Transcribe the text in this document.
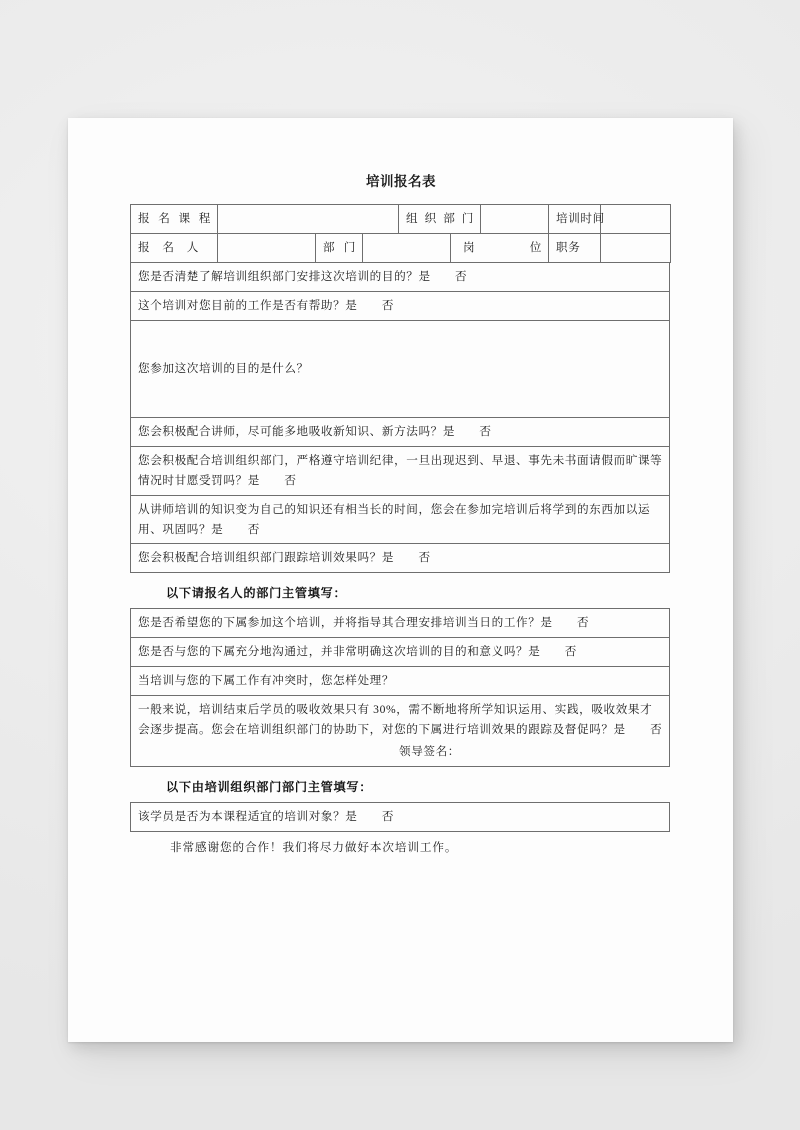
培训报名表
报名课程				组织部门			培训时间	
报名人		部门			岗位		职务	
您是否清楚了解培训组织部门安排这次培训的目的？是　　否
这个培训对您目前的工作是否有帮助？是　　否
您参加这次培训的目的是什么？
您会积极配合讲师，尽可能多地吸收新知识、新方法吗？是　　否
您会积极配合培训组织部门，严格遵守培训纪律，一旦出现迟到、早退、事先未书面请假而旷课等情况时甘愿受罚吗？是　　否
从讲师培训的知识变为自己的知识还有相当长的时间，您会在参加完培训后将学到的东西加以运用、巩固吗？是　　否
您会积极配合培训组织部门跟踪培训效果吗？是　　否
以下请报名人的部门主管填写：
您是否希望您的下属参加这个培训，并将指导其合理安排培训当日的工作？是　　否
您是否与您的下属充分地沟通过，并非常明确这次培训的目的和意义吗？是　　否
当培训与您的下属工作有冲突时，您怎样处理？
一般来说，培训结束后学员的吸收效果只有 30%，需不断地将所学知识运用、实践，吸收效果才会逐步提高。您会在培训组织部门的协助下，对您的下属进行培训效果的跟踪及督促吗？是　　否
领导签名：
以下由培训组织部门部门主管填写：
该学员是否为本课程适宜的培训对象？是　　否
非常感谢您的合作！我们将尽力做好本次培训工作。
